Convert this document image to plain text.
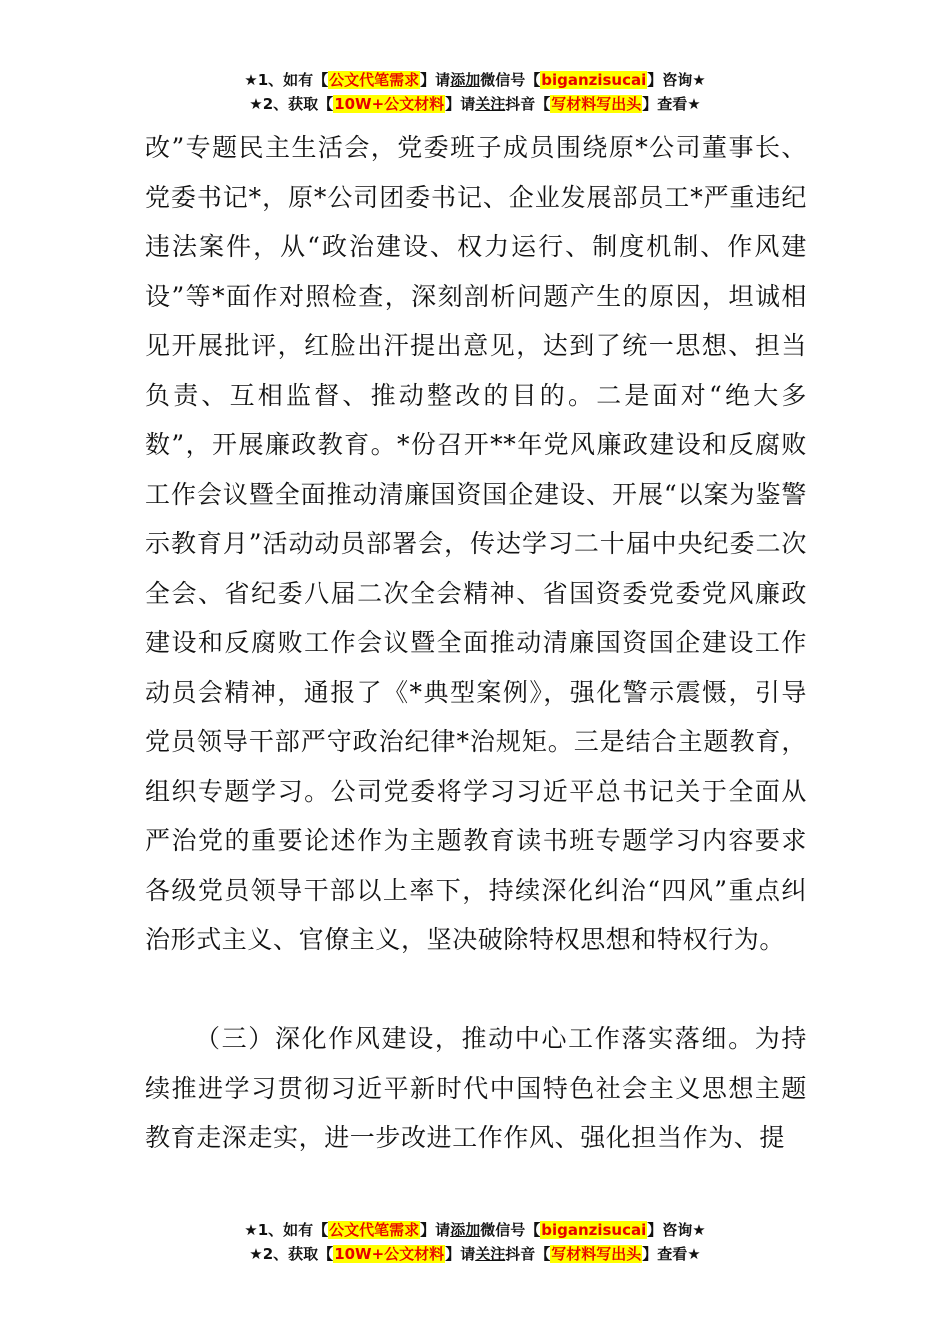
★1、如有【公文代笔需求】请添加微信号【biganzisucai】咨询★
★2、获取【10W+公文材料】请关注抖音【写材料写出头】查看★

改”专题民主生活会，党委班子成员围绕原*公司董事长、党委书记*，原*公司团委书记、企业发展部员工*严重违纪违法案件，从“政治建设、权力运行、制度机制、作风建设”等*面作对照检查，深刻剖析问题产生的原因，坦诚相见开展批评，红脸出汗提出意见，达到了统一思想、担当负责、互相监督、推动整改的目的。二是面对“绝大多数”，开展廉政教育。*份召开**年党风廉政建设和反腐败工作会议暨全面推动清廉国资国企建设、开展“以案为鉴警示教育月”活动动员部署会，传达学习二十届中央纪委二次全会、省纪委八届二次全会精神、省国资委党委党风廉政建设和反腐败工作会议暨全面推动清廉国资国企建设工作动员会精神，通报了《*典型案例》，强化警示震慑，引导党员领导干部严守政治纪律*治规矩。三是结合主题教育，组织专题学习。公司党委将学习习近平总书记关于全面从严治党的重要论述作为主题教育读书班专题学习内容要求各级党员领导干部以上率下，持续深化纠治“四风”重点纠治形式主义、官僚主义，坚决破除特权思想和特权行为。

（三）深化作风建设，推动中心工作落实落细。为持续推进学习贯彻习近平新时代中国特色社会主义思想主题教育走深走实，进一步改进工作作风、强化担当作为、提

★1、如有【公文代笔需求】请添加微信号【biganzisucai】咨询★
★2、获取【10W+公文材料】请关注抖音【写材料写出头】查看★
